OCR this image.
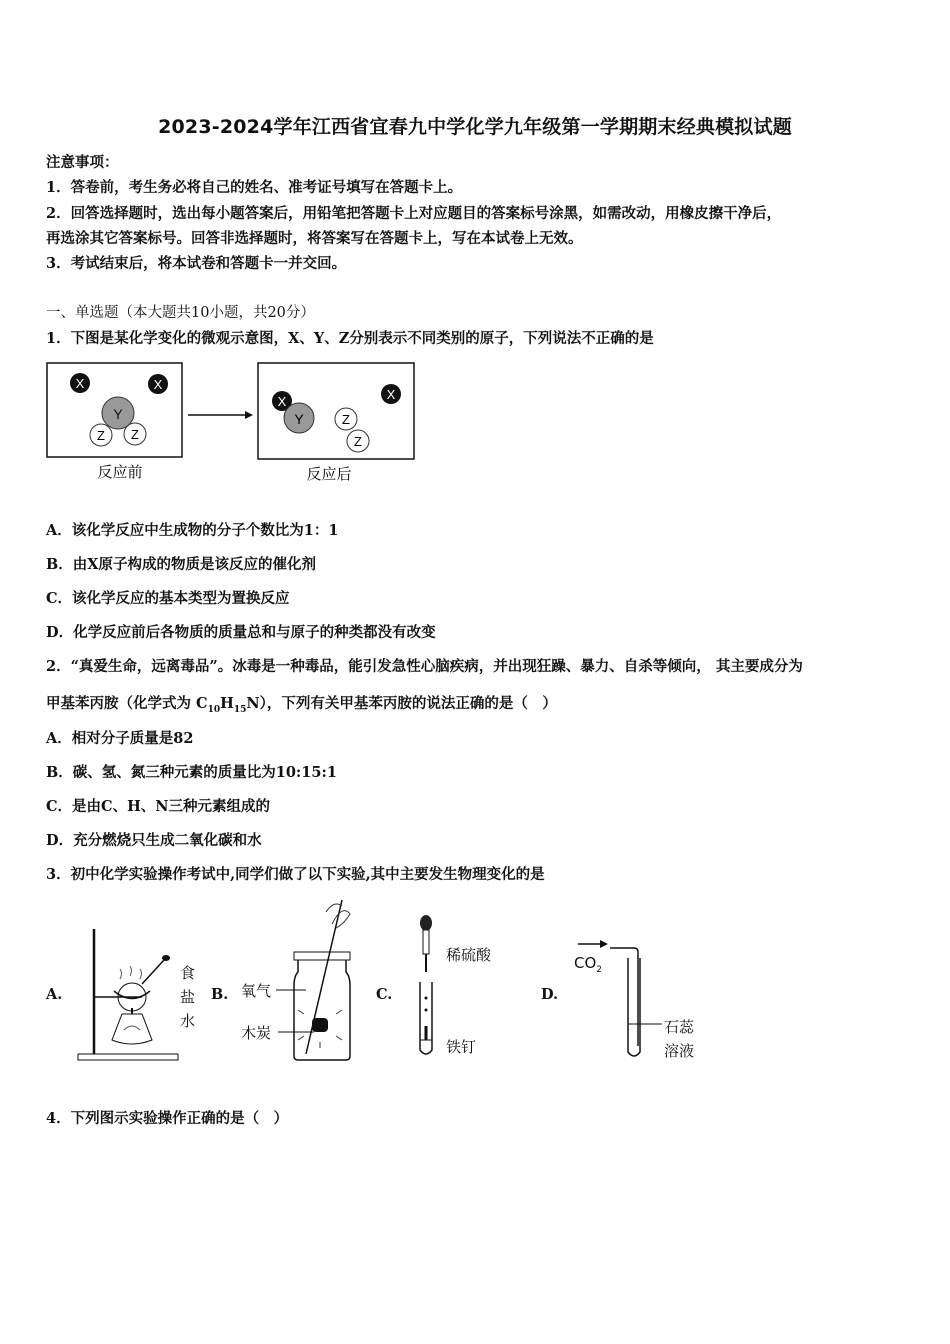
2023-2024学年江西省宜春九中学化学九年级第一学期期末经典模拟试题
注意事项：
1．答卷前，考生务必将自己的姓名、准考证号填写在答题卡上。
2．回答选择题时，选出每小题答案后，用铅笔把答题卡上对应题目的答案标号涂黑，如需改动，用橡皮擦干净后，
再选涂其它答案标号。回答非选择题时，将答案写在答题卡上，写在本试卷上无效。
3．考试结束后，将本试卷和答题卡一并交回。
一、单选题（本大题共10小题，共20分）
1．下图是某化学变化的微观示意图，X、Y、Z分别表示不同类别的原子，下列说法不正确的是
X	X
Y
Z Z
反应前
X
Y	Z
Z
X
反应后
A．该化学反应中生成物的分子个数比为1：1
B．由X原子构成的物质是该反应的催化剂
C．该化学反应的基本类型为置换反应
D．化学反应前后各物质的质量总和与原子的种类都没有改变
2．“真爱生命，远离毒品”。冰毒是一种毒品，能引发急性心脑疾病，并出现狂躁、暴力、自杀等倾向， 其主要成分为
甲基苯丙胺（化学式为 $C_{10}H_{15}N$），下列有关甲基苯丙胺的说法正确的是（　）
A．相对分子质量是82
B．碳、氢、氮三种元素的质量比为10:15:1
C．是由C、H、N三种元素组成的
D．充分燃烧只生成二氧化碳和水
3．初中化学实验操作考试中,同学们做了以下实验,其中主要发生物理变化的是
A.	B.	C.	D.
食
盐
水
氧气
木炭
稀硫酸
铁钉
$CO_2$
石蕊
溶液
4．下列图示实验操作正确的是（　）
